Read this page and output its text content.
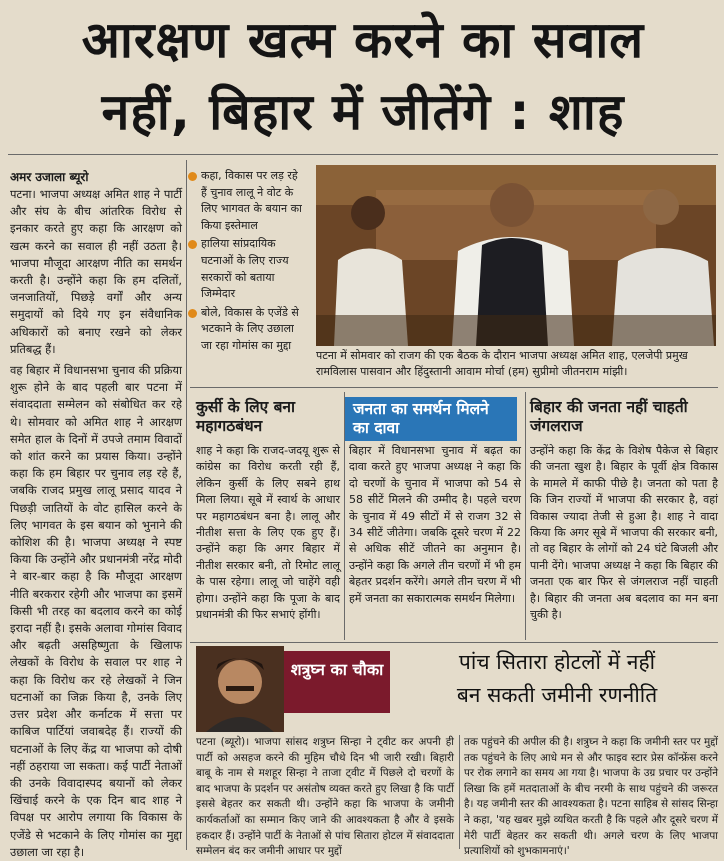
आरक्षण खत्म करने का सवाल
नहीं, बिहार में जीतेंगे : शाह
अमर उजाला ब्यूरो

पटना। भाजपा अध्यक्ष अमित शाह ने पार्टी और संघ के बीच आंतरिक विरोध से इनकार करते हुए कहा कि आरक्षण को खत्म करने का सवाल ही नहीं उठता है। भाजपा मौजूदा आरक्षण नीति का समर्थन करती है। उन्होंने कहा कि हम दलितों, जनजातियों, पिछड़े वर्गों और अन्य समुदायों को दिये गए इन संवैधानिक अधिकारों को बनाए रखने को लेकर प्रतिबद्ध हैं।

वह बिहार में विधानसभा चुनाव की प्रक्रिया शुरू होने के बाद पहली बार पटना में संवाददाता सम्मेलन को संबोधित कर रहे थे। सोमवार को अमित शाह ने आरक्षण समेत हाल के दिनों में उपजे तमाम विवादों को शांत करने का प्रयास किया। उन्होंने कहा कि हम बिहार पर चुनाव लड़ रहे हैं, जबकि राजद प्रमुख लालू प्रसाद यादव ने पिछड़ी जातियों के वोट हासिल करने के लिए भागवत के इस बयान को भुनाने की कोशिश की है। भाजपा अध्यक्ष ने स्पष्ट किया कि उन्होंने और प्रधानमंत्री नरेंद्र मोदी ने बार-बार कहा है कि मौजूदा आरक्षण नीति बरकरार रहेगी और भाजपा का इसमें किसी भी तरह का बदलाव करने का कोई इरादा नहीं है। इसके अलावा गोमांस विवाद और बढ़ती असहिष्णुता के खिलाफ लेखकों के विरोध के सवाल पर शाह ने कहा कि विरोध कर रहे लेखकों ने जिन घटनाओं का जिक्र किया है, उनके लिए उत्तर प्रदेश और कर्नाटक में सत्ता पर काबिज पार्टियां जवाबदेह हैं। राज्यों की घटनाओं के लिए केंद्र या भाजपा को दोषी नहीं ठहराया जा सकता। कई पार्टी नेताओं की उनके विवादास्पद बयानों को लेकर खिंचाई करने के एक दिन बाद शाह ने विपक्ष पर आरोप लगाया कि विकास के एजेंडे से भटकाने के लिए गोमांस का मुद्दा उछाला जा रहा है।

कहा, विकास पर लड़ रहे हैं चुनाव लालू ने वोट के लिए भागवत के बयान का किया इस्तेमाल
हालिया सांप्रदायिक घटनाओं के लिए राज्य सरकारों को बताया जिम्मेदार
बोले, विकास के एजेंडे से भटकाने के लिए उछाला जा रहा गोमांस का मुद्दा
पटना में सोमवार को राजग की एक बैठक के दौरान भाजपा अध्यक्ष अमित शाह, एलजेपी प्रमुख रामविलास पासवान और हिंदुस्तानी आवाम मोर्चा (हम) सुप्रीमो जीतनराम मांझी।
कुर्सी के लिए बना महागठबंधन
शाह ने कहा कि राजद-जदयू शुरू से कांग्रेस का विरोध करती रही हैं, लेकिन कुर्सी के लिए सबने हाथ मिला लिया। सूबे में स्वार्थ के आधार पर महागठबंधन बना है। लालू और नीतीश सत्ता के लिए एक हुए हैं। उन्होंने कहा कि अगर बिहार में नीतीश सरकार बनी, तो रिमोट लालू के पास रहेगा। लालू जो चाहेंगे वही होगा। उन्होंने कहा कि पूजा के बाद प्रधानमंत्री की फिर सभाएं होंगी।
जनता का समर्थन मिलने का दावा
बिहार में विधानसभा चुनाव में बढ़त का दावा करते हुए भाजपा अध्यक्ष ने कहा कि दो चरणों के चुनाव में भाजपा को 54 से 58 सीटें मिलने की उम्मीद है। पहले चरण के चुनाव में 49 सीटों में से राजग 32 से 34 सीटें जीतेगा। जबकि दूसरे चरण में 22 से अधिक सीटें जीतने का अनुमान है। उन्होंने कहा कि अगले तीन चरणों में भी हम बेहतर प्रदर्शन करेंगे। अगले तीन चरण में भी हमें जनता का सकारात्मक समर्थन मिलेगा।
बिहार की जनता नहीं चाहती जंगलराज
उन्होंने कहा कि केंद्र के विशेष पैकेज से बिहार की जनता खुश है। बिहार के पूर्वी क्षेत्र विकास के मामले में काफी पीछे है। जनता को पता है कि जिन राज्यों में भाजपा की सरकार है, वहां विकास ज्यादा तेजी से हुआ है। शाह ने वादा किया कि अगर सूबे में भाजपा की सरकार बनी, तो वह बिहार के लोगों को 24 घंटे बिजली और पानी देंगे। भाजपा अध्यक्ष ने कहा कि बिहार की जनता एक बार फिर से जंगलराज नहीं चाहती है। बिहार की जनता अब बदलाव का मन बना चुकी है।
शत्रुघ्न का चौका	पांच सितारा होटलों में नहीं
बन सकती जमीनी रणनीति
पटना (ब्यूरो)। भाजपा सांसद शत्रुघ्न सिन्हा ने ट्वीट कर अपनी ही पार्टी को असहज करने की मुहिम चौथे दिन भी जारी रखी। बिहारी बाबू के नाम से मशहूर सिन्हा ने ताजा ट्वीट में पिछले दो चरणों के बाद भाजपा के प्रदर्शन पर असंतोष व्यक्त करते हुए लिखा है कि पार्टी इससे बेहतर कर सकती थी। उन्होंने कहा कि भाजपा के जमीनी कार्यकर्ताओं का सम्मान किए जाने की आवश्यकता है और वे इसके हकदार हैं। उन्होंने पार्टी के नेताओं से पांच सितारा होटल में संवाददाता सम्मेलन बंद कर जमीनी आधार पर मुद्दों
तक पहुंचने की अपील की है। शत्रुघ्न ने कहा कि जमीनी स्तर पर मुद्दों तक पहुंचने के लिए आधे मन से और फाइव स्टार प्रेस कॉन्फ्रेंस करने पर रोक लगाने का समय आ गया है। भाजपा के उग्र प्रचार पर उन्होंने लिखा कि हमें मतदाताओं के बीच नरमी के साथ पहुंचने की जरूरत है। यह जमीनी स्तर की आवश्यकता है। पटना साहिब से सांसद सिन्हा ने कहा, 'यह खबर मुझे व्यथित करती है कि पहले और दूसरे चरण में मेरी पार्टी बेहतर कर सकती थी। अगले चरण के लिए भाजपा प्रत्याशियों को शुभकामनाएं।'
